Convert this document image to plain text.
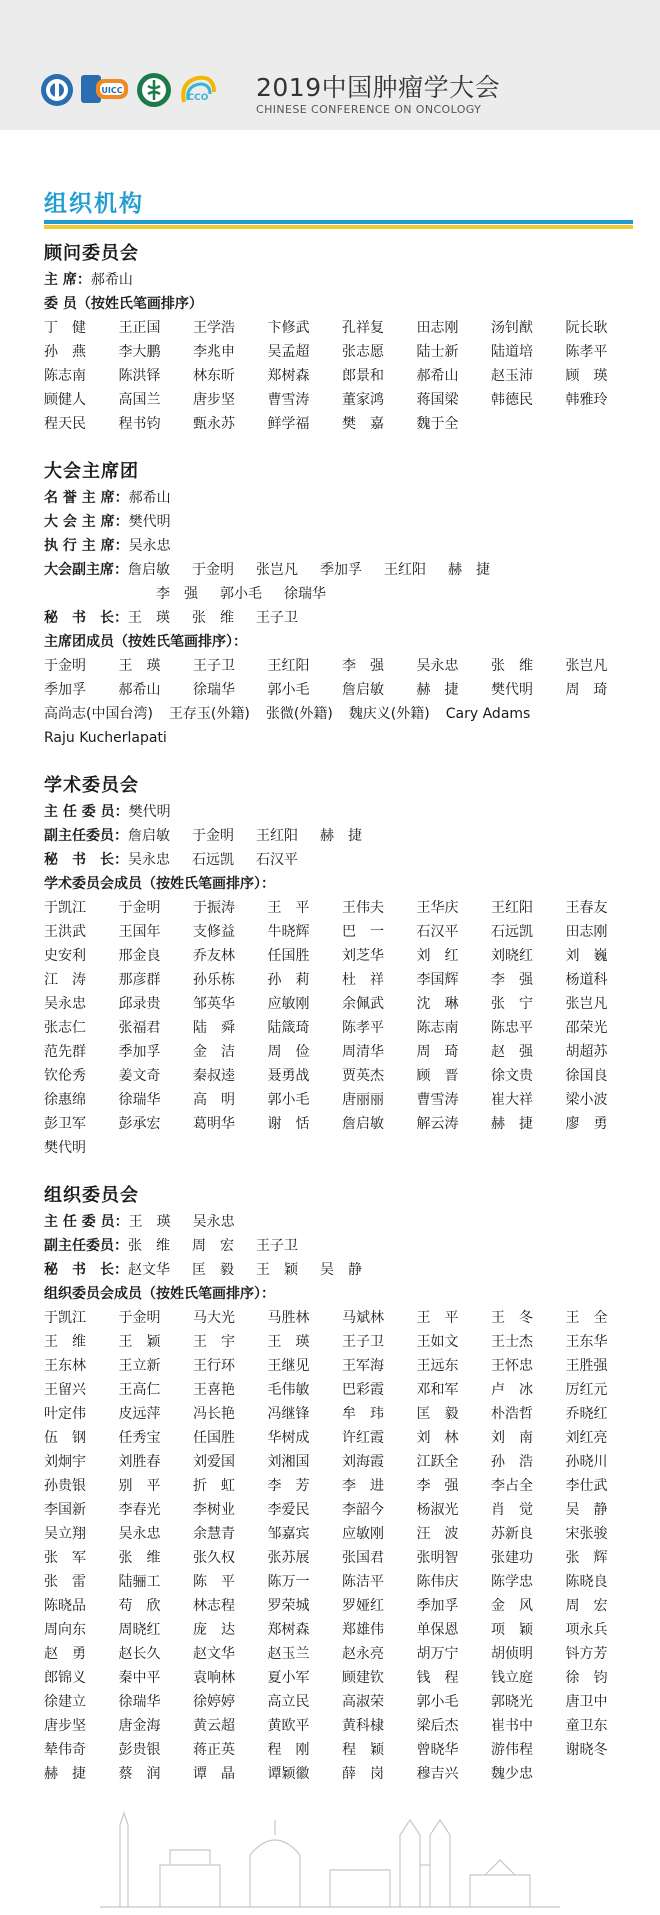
UICC
CCO 2019中国肿瘤学大会
CHINESE CONFERENCE ON ONCOLOGY
组织机构
顾问委员会
主 席：郝希山
委 员（按姓氏笔画排序）
丁　健	王正国	王学浩	卞修武	孔祥复	田志刚	汤钊猷	阮长耿
孙　燕	李大鹏	李兆申	吴孟超	张志愿	陆士新	陆道培	陈孝平
陈志南	陈洪铎	林东昕	郑树森	郎景和	郝希山	赵玉沛	顾　瑛
顾健人	高国兰	唐步坚	曹雪涛	董家鸿	蒋国梁	韩德民	韩雅玲
程天民	程书钧	甄永苏	鲜学福	樊　嘉	魏于全
大会主席团
名 誉 主 席：郝希山
大 会 主 席：樊代明
执 行 主 席：吴永忠
大会副主席：詹启敏 于金明 张岂凡 季加孚 王红阳 赫　捷
李　强 郭小毛 徐瑞华
秘　书　长：王　瑛 张　维 王子卫
主席团成员（按姓氏笔画排序）：
于金明	王　瑛	王子卫	王红阳	李　强	吴永忠	张　维	张岂凡
季加孚	郝希山	徐瑞华	郭小毛	詹启敏	赫　捷	樊代明	周　琦
高尚志(中国台湾) 王存玉(外籍) 张微(外籍) 魏庆义(外籍) Cary Adams
Raju Kucherlapati
学术委员会
主 任 委 员：樊代明
副主任委员：詹启敏 于金明 王红阳 赫　捷
秘　书　长：吴永忠 石远凯 石汉平
学术委员会成员（按姓氏笔画排序）：
于凯江	于金明	于振涛	王　平	王伟夫	王华庆	王红阳	王春友
王洪武	王国年	支修益	牛晓辉	巴　一	石汉平	石远凯	田志刚
史安利	邢金良	乔友林	任国胜	刘芝华	刘　红	刘晓红	刘　巍
江　涛	那彦群	孙乐栋	孙　莉	杜　祥	李国辉	李　强	杨道科
吴永忠	邱录贵	邹英华	应敏刚	余佩武	沈　琳	张　宁	张岂凡
张志仁	张福君	陆　舜	陆箴琦	陈孝平	陈志南	陈忠平	邵荣光
范先群	季加孚	金　洁	周　俭	周清华	周　琦	赵　强	胡超苏
钦伦秀	姜文奇	秦叔逵	聂勇战	贾英杰	顾　晋	徐文贵	徐国良
徐惠绵	徐瑞华	高　明	郭小毛	唐丽丽	曹雪涛	崔大祥	梁小波
彭卫军	彭承宏	葛明华	谢　恬	詹启敏	解云涛	赫　捷	廖　勇
樊代明
组织委员会
主 任 委 员：王　瑛 吴永忠
副主任委员：张　维 周　宏 王子卫
秘　书　长：赵文华 匡　毅 王　颖 吴　静
组织委员会成员（按姓氏笔画排序）：
于凯江	于金明	马大光	马胜林	马斌林	王　平	王　冬	王　全
王　维	王　颖	王　宇	王　瑛	王子卫	王如文	王士杰	王东华
王东林	王立新	王行环	王继见	王军海	王远东	王怀忠	王胜强
王留兴	王高仁	王喜艳	毛伟敏	巴彩霞	邓和军	卢　冰	厉红元
叶定伟	皮远萍	冯长艳	冯继锋	牟　玮	匡　毅	朴浩哲	乔晓红
伍　钢	任秀宝	任国胜	华树成	许红霞	刘　林	刘　南	刘红亮
刘炯宇	刘胜春	刘爱国	刘湘国	刘海霞	江跃全	孙　浩	孙晓川
孙贵银	别　平	折　虹	李　芳	李　进	李　强	李占全	李仕武
李国新	李春光	李树业	李爱民	李韶今	杨淑光	肖　觉	吴　静
吴立翔	吴永忠	余慧青	邹嘉宾	应敏刚	汪　波	苏新良	宋张骏
张　军	张　维	张久权	张苏展	张国君	张明智	张建功	张　辉
张　雷	陆骊工	陈　平	陈万一	陈洁平	陈伟庆	陈学忠	陈晓良
陈晓品	苟　欣	林志程	罗荣城	罗娅红	季加孚	金　风	周　宏
周向东	周晓红	庞　达	郑树森	郑雄伟	单保恩	项　颖	项永兵
赵　勇	赵长久	赵文华	赵玉兰	赵永亮	胡万宁	胡侦明	钭方芳
郎锦义	秦中平	袁响林	夏小军	顾建钦	钱　程	钱立庭	徐　钧
徐建立	徐瑞华	徐婷婷	高立民	高淑荣	郭小毛	郭晓光	唐卫中
唐步坚	唐金海	黄云超	黄欧平	黄科棣	梁后杰	崔书中	童卫东
辇伟奇	彭贵银	蒋正英	程　刚	程　颖	曾晓华	游伟程	谢晓冬
赫　捷	蔡　润	谭　晶	谭颖徽	薛　岗	穆吉兴	魏少忠
